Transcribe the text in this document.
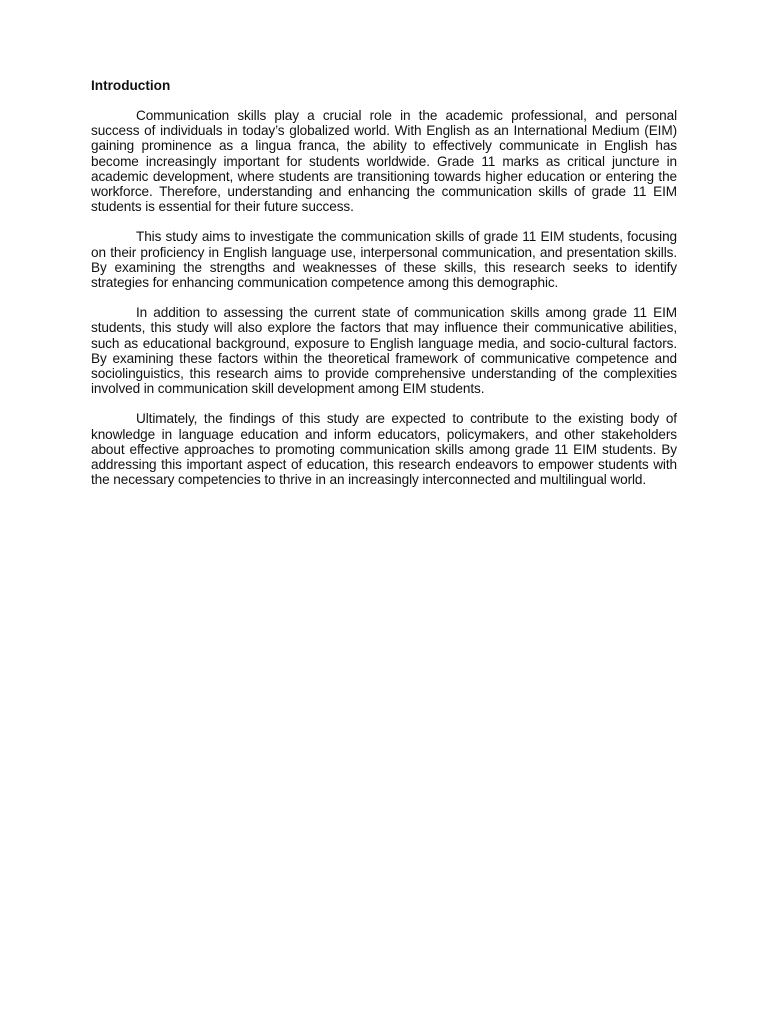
Introduction

Communication skills play a crucial role in the academic professional, and personal success of individuals in today’s globalized world. With English as an International Medium (EIM) gaining prominence as a lingua franca, the ability to effectively communicate in English has become increasingly important for students worldwide. Grade 11 marks as critical juncture in academic development, where students are transitioning towards higher education or entering the workforce. Therefore, understanding and enhancing the communication skills of grade 11 EIM students is essential for their future success.

This study aims to investigate the communication skills of grade 11 EIM students, focusing on their proficiency in English language use, interpersonal communication, and presentation skills. By examining the strengths and weaknesses of these skills, this research seeks to identify strategies for enhancing communication competence among this demographic.

In addition to assessing the current state of communication skills among grade 11 EIM students, this study will also explore the factors that may influence their communicative abilities, such as educational background, exposure to English language media, and socio-cultural factors. By examining these factors within the theoretical framework of communicative competence and sociolinguistics, this research aims to provide comprehensive understanding of the complexities involved in communication skill development among EIM students.

Ultimately, the findings of this study are expected to contribute to the existing body of knowledge in language education and inform educators, policymakers, and other stakeholders about effective approaches to promoting communication skills among grade 11 EIM students. By addressing this important aspect of education, this research endeavors to empower students with the necessary competencies to thrive in an increasingly interconnected and multilingual world.
